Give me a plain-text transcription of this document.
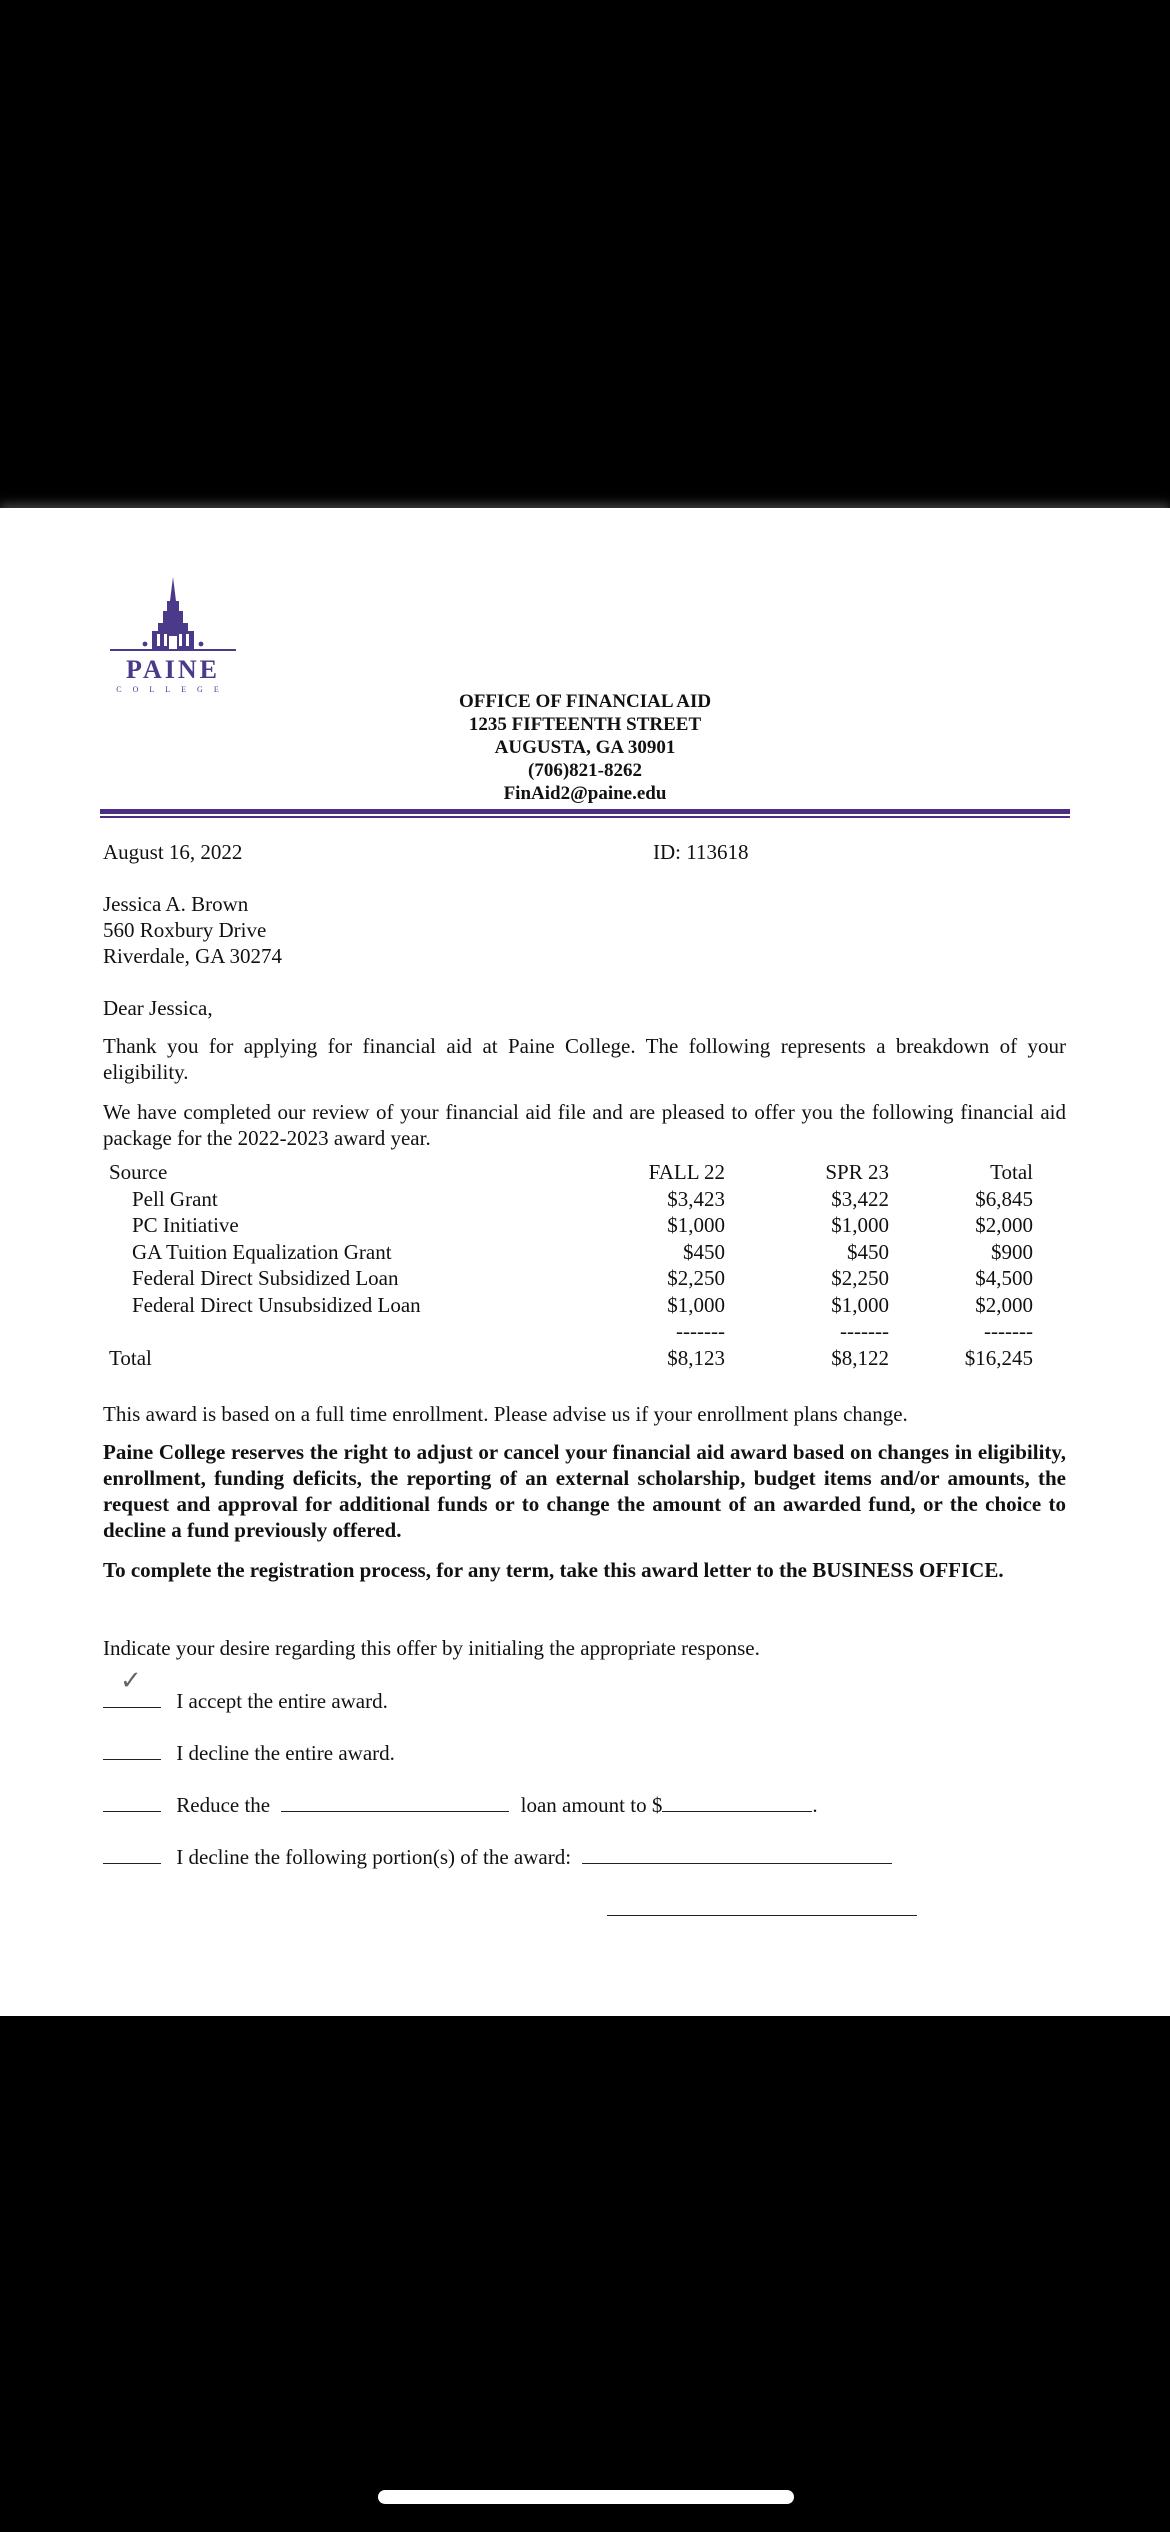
PAINE
COLLEGE
OFFICE OF FINANCIAL AID
1235 FIFTEENTH STREET
AUGUSTA, GA 30901
(706)821-8262
FinAid2@paine.edu
August 16, 2022	ID: 113618
Jessica A. Brown
560 Roxbury Drive
Riverdale, GA 30274
Dear Jessica,
Thank you for applying for financial aid at Paine College. The following represents a breakdown of your eligibility.
We have completed our review of your financial aid file and are pleased to offer you the following financial aid package for the 2022-2023 award year.
Source	FALL 22	SPR 23	Total
Pell Grant	$3,423	$3,422	$6,845
PC Initiative	$1,000	$1,000	$2,000
GA Tuition Equalization Grant	$450	$450	$900
Federal Direct Subsidized Loan	$2,250	$2,250	$4,500
Federal Direct Unsubsidized Loan	$1,000	$1,000	$2,000
-------	-------	-------
Total	$8,123	$8,122	$16,245
This award is based on a full time enrollment. Please advise us if your enrollment plans change.
Paine College reserves the right to adjust or cancel your financial aid award based on changes in eligibility, enrollment, funding deficits, the reporting of an external scholarship, budget items and/or amounts, the request and approval for additional funds or to change the amount of an awarded fund, or the choice to decline a fund previously offered.
To complete the registration process, for any term, take this award letter to the BUSINESS OFFICE.
Indicate your desire regarding this offer by initialing the appropriate response.
✓
I accept the entire award.
I decline the entire award.
Reduce the	loan amount to $	.
I decline the following portion(s) of the award:
